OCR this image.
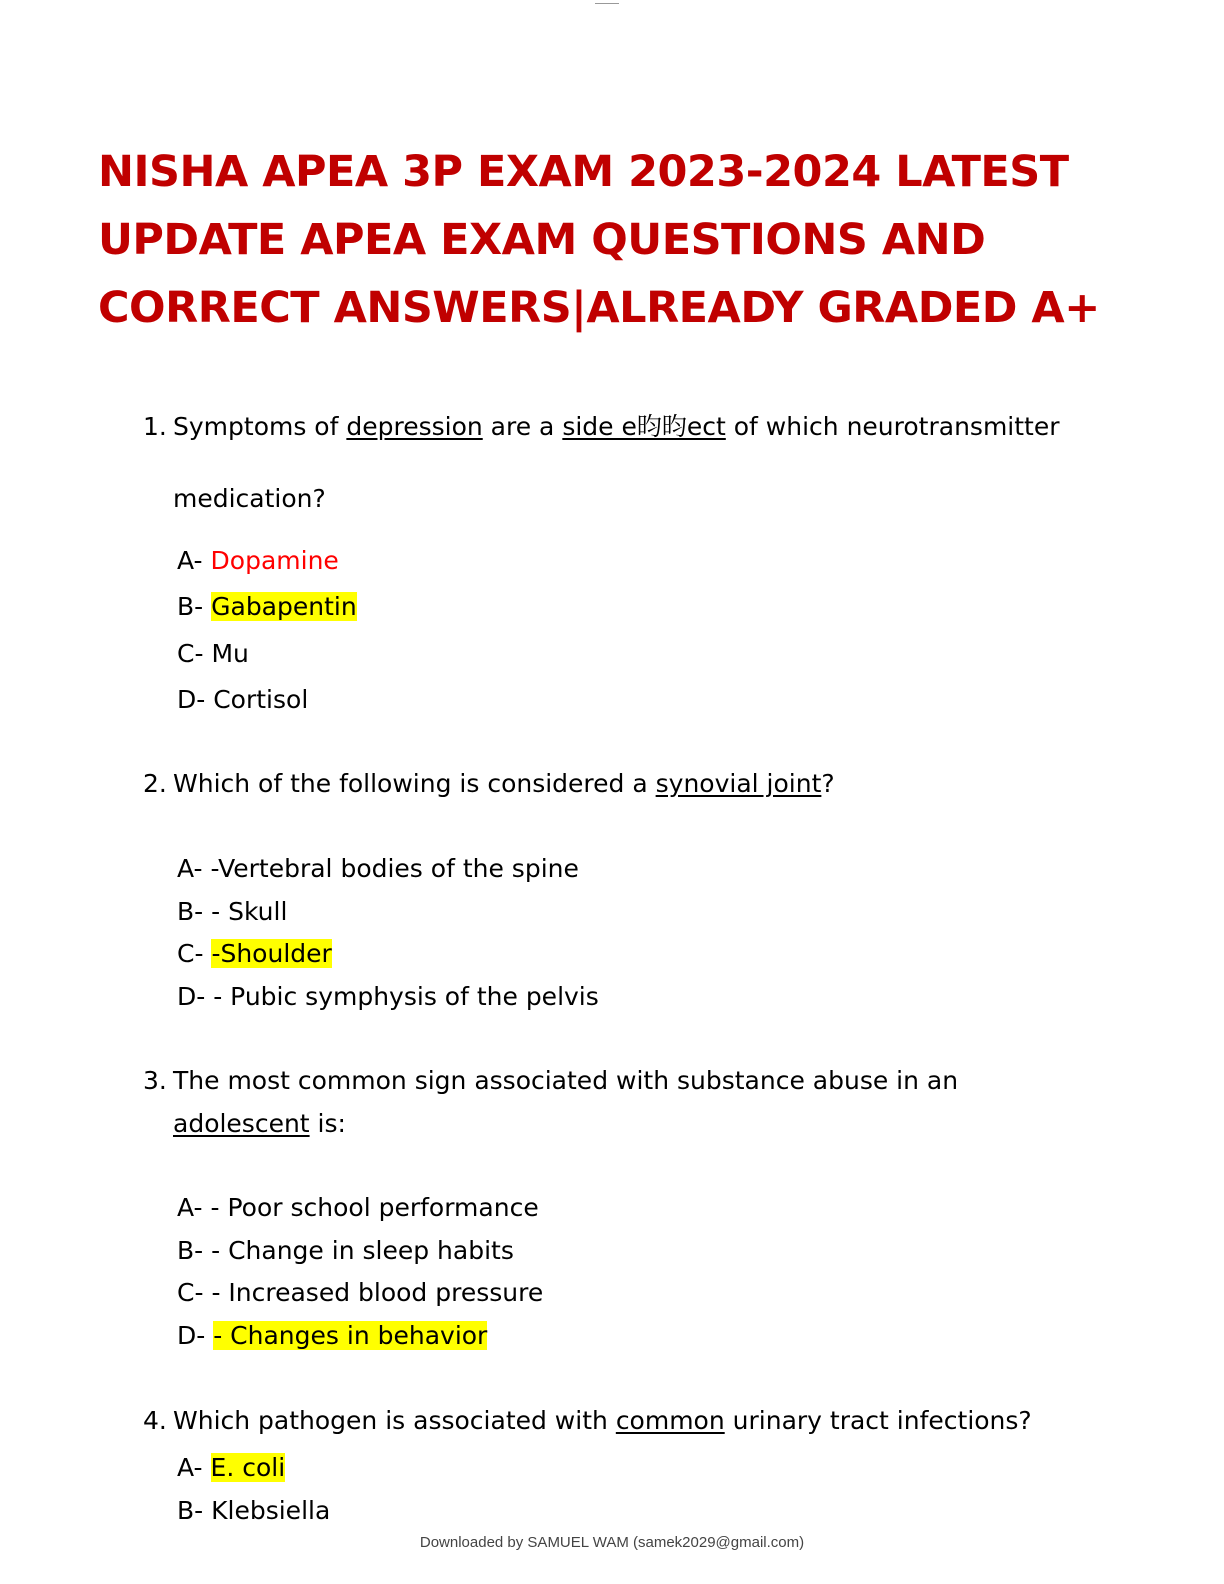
NISHA APEA 3P EXAM 2023-2024 LATEST
UPDATE APEA EXAM QUESTIONS AND
CORRECT ANSWERS|ALREADY GRADED A+
1. Symptoms of depression are a side e昀昀ect of which neurotransmitter
medication?
A- Dopamine
B- Gabapentin
C- Mu
D- Cortisol
2. Which of the following is considered a synovial joint?
A- -Vertebral bodies of the spine
B- - Skull
C- -Shoulder
D- - Pubic symphysis of the pelvis
3. The most common sign associated with substance abuse in an
adolescent is:
A- - Poor school performance
B- - Change in sleep habits
C- - Increased blood pressure
D- - Changes in behavior
4. Which pathogen is associated with common urinary tract infections?
A- E. coli
B- Klebsiella
Downloaded by SAMUEL WAM (samek2029@gmail.com)
